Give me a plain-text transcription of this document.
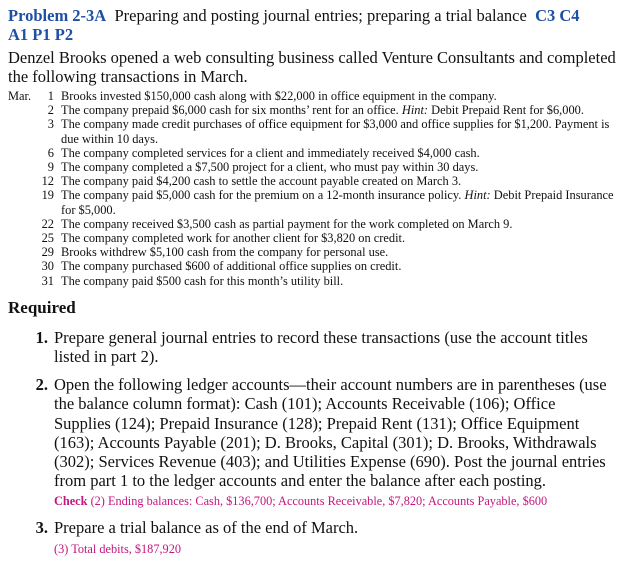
Problem 2-3A Preparing and posting journal entries; preparing a trial balance C3 C4
A1 P1 P2
Denzel Brooks opened a web consulting business called Venture Consultants and completed the following transactions in March.
Mar.	1 Brooks invested $150,000 cash along with $22,000 in office equipment in the company.
2 The company prepaid $6,000 cash for six months’ rent for an office. Hint: Debit Prepaid Rent for $6,000.
3 The company made credit purchases of office equipment for $3,000 and office supplies for $1,200. Payment is due within 10 days.
6 The company completed services for a client and immediately received $4,000 cash.
9 The company completed a $7,500 project for a client, who must pay within 30 days.
12 The company paid $4,200 cash to settle the account payable created on March 3.
19 The company paid $5,000 cash for the premium on a 12-month insurance policy. Hint: Debit Prepaid Insurance for $5,000.
22 The company received $3,500 cash as partial payment for the work completed on March 9.
25 The company completed work for another client for $3,820 on credit.
29 Brooks withdrew $5,100 cash from the company for personal use.
30 The company purchased $600 of additional office supplies on credit.
31 The company paid $500 cash for this month’s utility bill.
Required
1. Prepare general journal entries to record these transactions (use the account titles listed in part 2).
2. Open the following ledger accounts—their account numbers are in parentheses (use the balance column format): Cash (101); Accounts Receivable (106); Office Supplies (124); Prepaid Insurance (128); Prepaid Rent (131); Office Equipment (163); Accounts Payable (201); D. Brooks, Capital (301); D. Brooks, Withdrawals (302); Services Revenue (403); and Utilities Expense (690). Post the journal entries from part 1 to the ledger accounts and enter the balance after each posting.
Check (2) Ending balances: Cash, $136,700; Accounts Receivable, $7,820; Accounts Payable, $600
3. Prepare a trial balance as of the end of March.
(3) Total debits, $187,920
